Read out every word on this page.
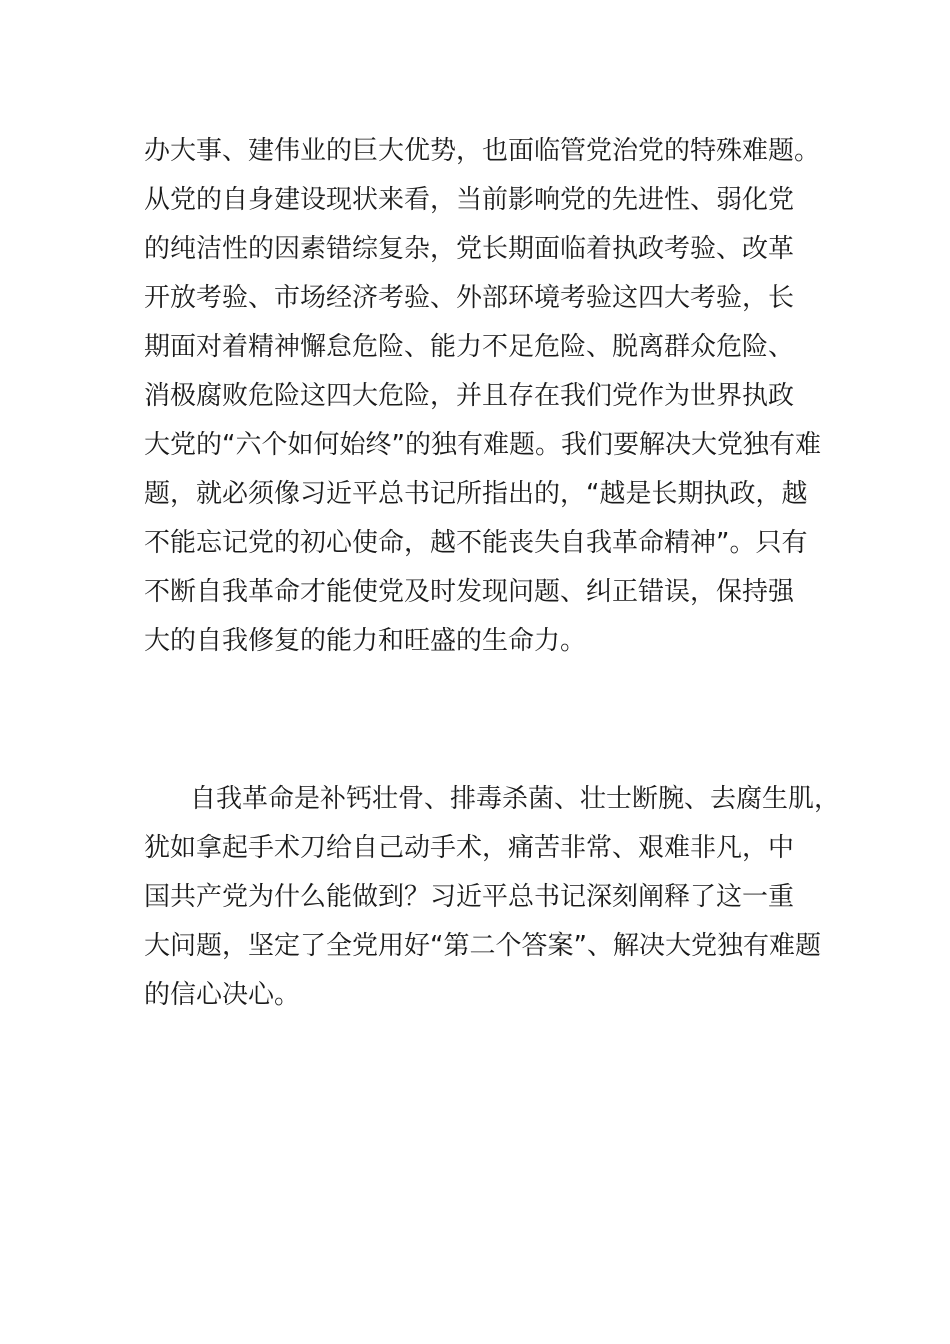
办大事、建伟业的巨大优势，也面临管党治党的特殊难题。

从党的自身建设现状来看，当前影响党的先进性、弱化党

的纯洁性的因素错综复杂，党长期面临着执政考验、改革

开放考验、市场经济考验、外部环境考验这四大考验，长

期面对着精神懈怠危险、能力不足危险、脱离群众危险、

消极腐败危险这四大危险，并且存在我们党作为世界执政

大党的“六个如何始终”的独有难题。我们要解决大党独有难

题，就必须像习近平总书记所指出的，“越是长期执政，越

不能忘记党的初心使命，越不能丧失自我革命精神”。只有

不断自我革命才能使党及时发现问题、纠正错误，保持强

大的自我修复的能力和旺盛的生命力。

自我革命是补钙壮骨、排毒杀菌、壮士断腕、去腐生肌，

犹如拿起手术刀给自己动手术，痛苦非常、艰难非凡，中

国共产党为什么能做到？习近平总书记深刻阐释了这一重

大问题，坚定了全党用好“第二个答案”、解决大党独有难题

的信心决心。
